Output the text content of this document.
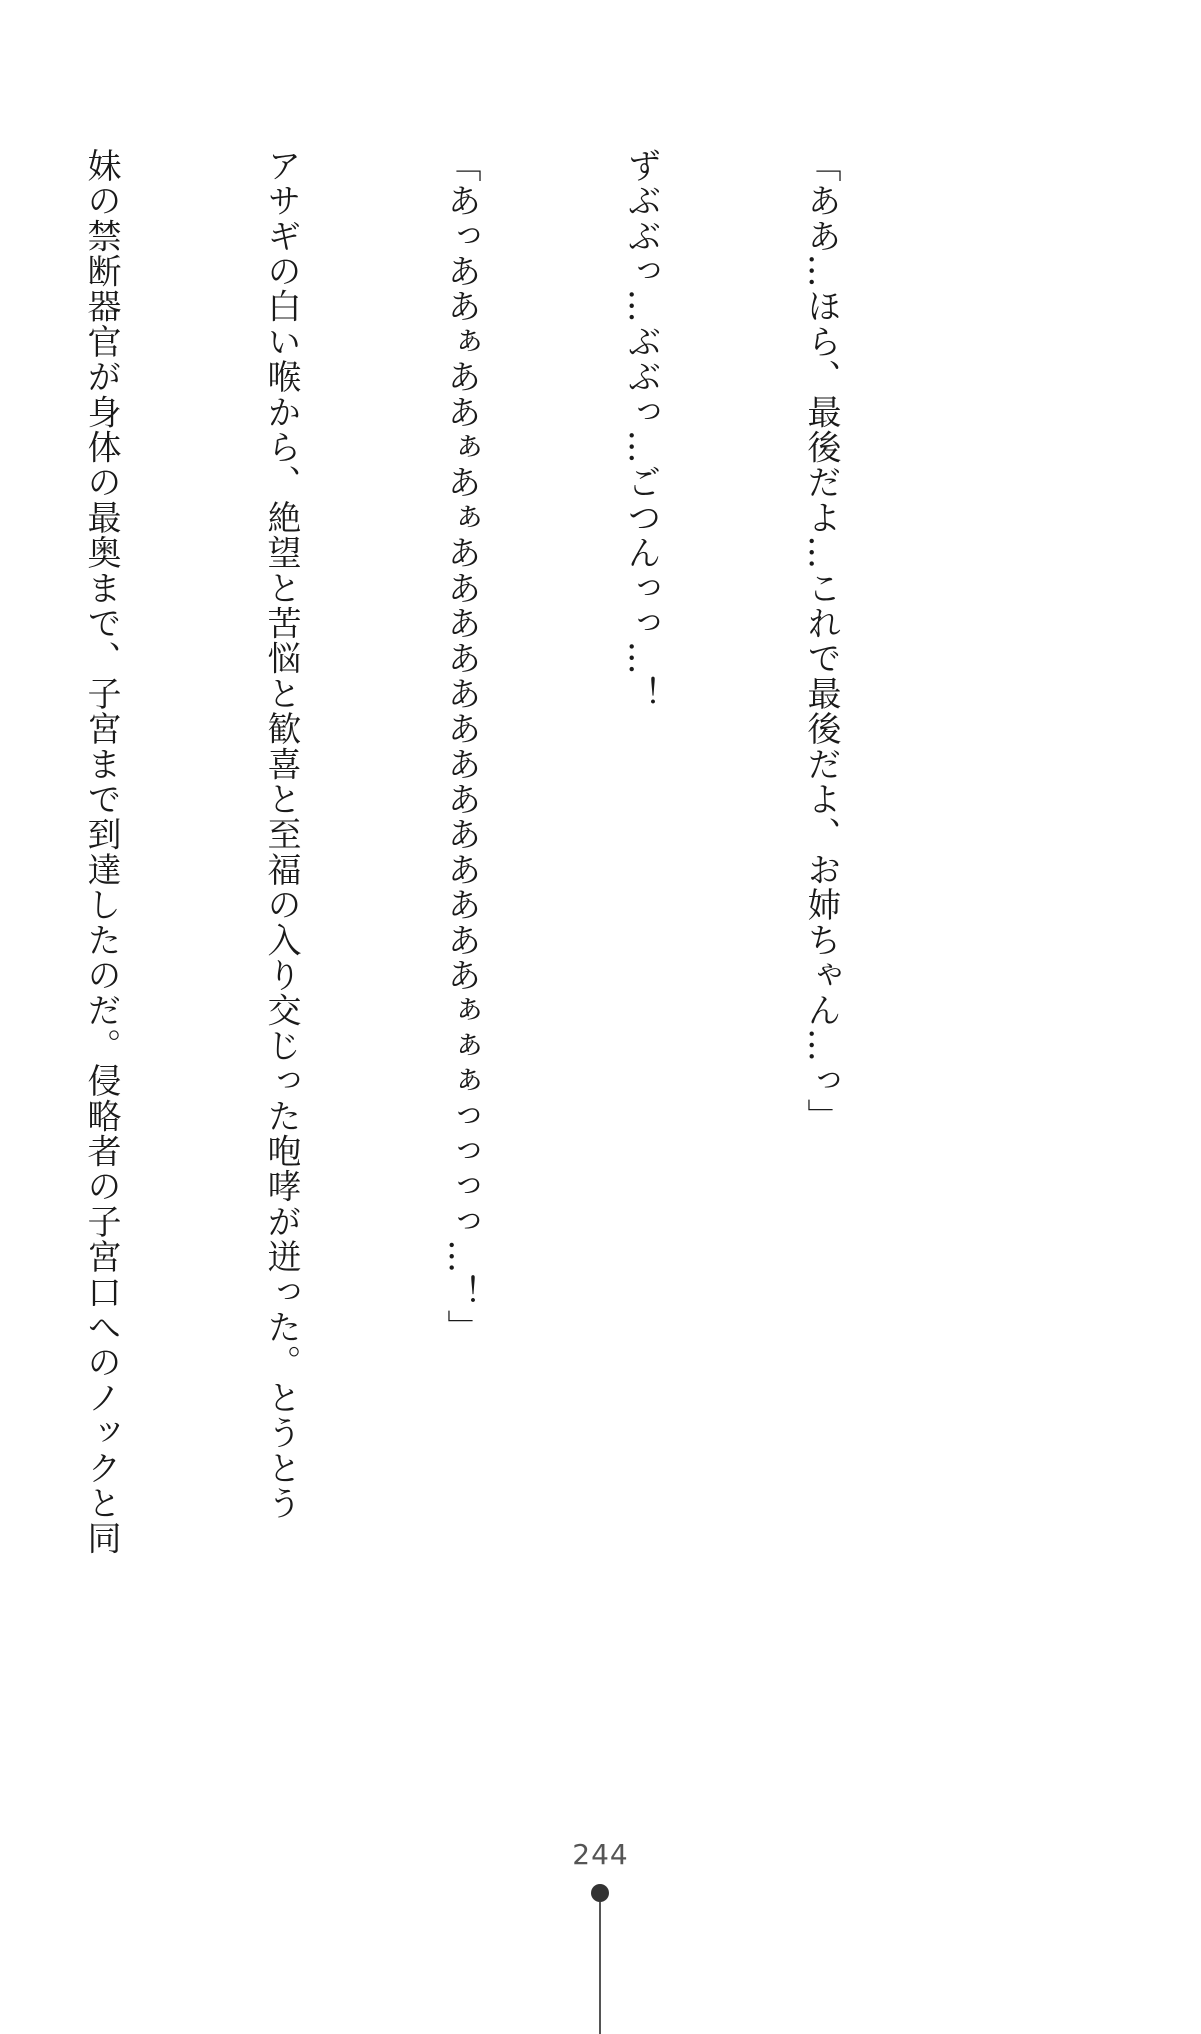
「ああ…ほら、最後だよ…これで最後だよ、お姉ちゃん…っ」

ずぶぶっ…ぶぶっ…ごつんっっ…！

「あっああぁああぁあぁあああああああああああああぁぁぁっっっっ…！」

アサギの白い喉から、絶望と苦悩と歓喜と至福の入り交じった咆哮が迸った。とうとう

妹の禁断器官が身体の最奥まで、子宮まで到達したのだ。侵略者の子宮口へのノックと同

244
